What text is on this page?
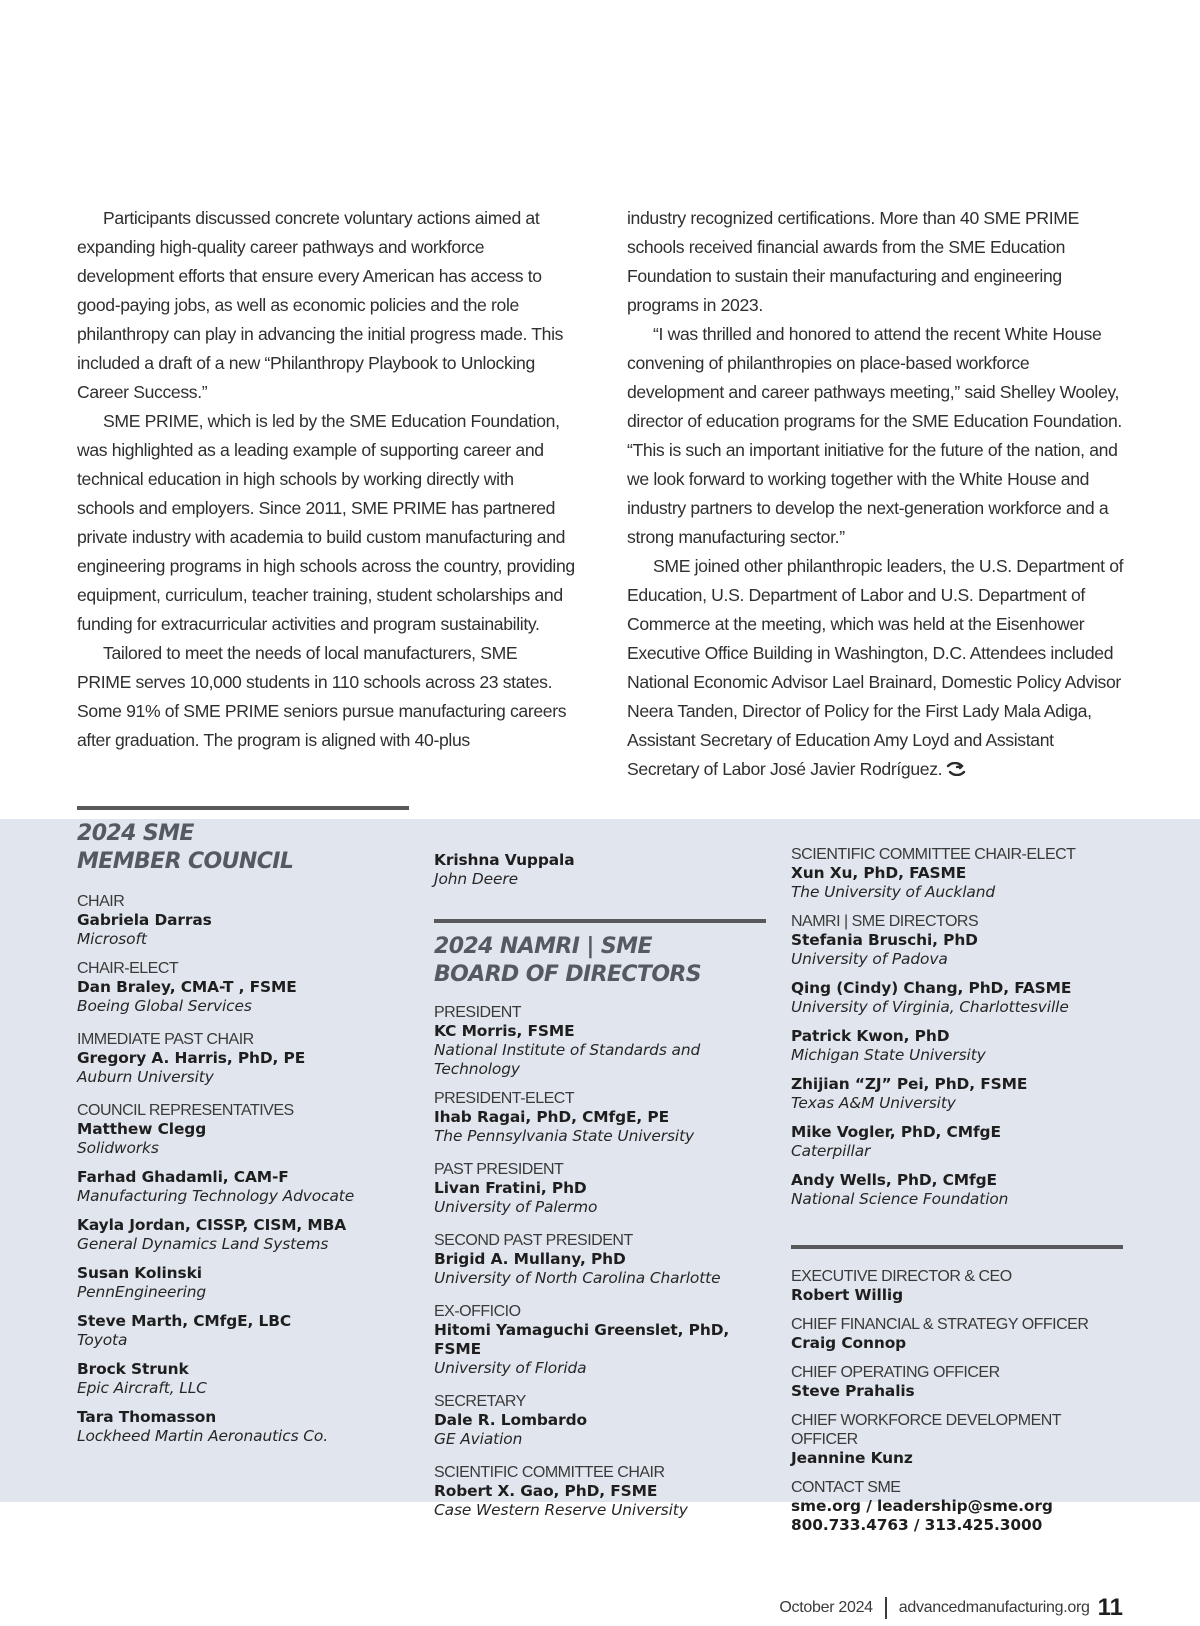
Participants discussed concrete voluntary actions aimed at expanding high-quality career pathways and workforce development efforts that ensure every American has access to good-paying jobs, as well as economic policies and the role philanthropy can play in advancing the initial progress made. This included a draft of a new “Philanthropy Playbook to Unlocking Career Success.”

SME PRIME, which is led by the SME Education Foundation, was highlighted as a leading example of supporting career and technical education in high schools by working directly with schools and employers. Since 2011, SME PRIME has partnered private industry with academia to build custom manufacturing and engineering programs in high schools across the country, providing equipment, curriculum, teacher training, student scholarships and funding for extracurricular activities and program sustainability.

Tailored to meet the needs of local manufacturers, SME PRIME serves 10,000 students in 110 schools across 23 states. Some 91% of SME PRIME seniors pursue manufacturing careers after graduation. The program is aligned with 40-plus

industry recognized certifications. More than 40 SME PRIME schools received financial awards from the SME Education Foundation to sustain their manufacturing and engineering programs in 2023.

“I was thrilled and honored to attend the recent White House convening of philanthropies on place-based workforce development and career pathways meeting,” said Shelley Wooley, director of education programs for the SME Education Foundation. “This is such an important initiative for the future of the nation, and we look forward to working together with the White House and industry partners to develop the next-generation workforce and a strong manufacturing sector.”

SME joined other philanthropic leaders, the U.S. Department of Education, U.S. Department of Labor and U.S. Department of Commerce at the meeting, which was held at the Eisenhower Executive Office Building in Washington, D.C. Attendees included National Economic Advisor Lael Brainard, Domestic Policy Advisor Neera Tanden, Director of Policy for the First Lady Mala Adiga, Assistant Secretary of Education Amy Loyd and Assistant Secretary of Labor José Javier Rodríguez.

2024 SME
MEMBER COUNCIL
CHAIR
Gabriela Darras
Microsoft
CHAIR-ELECT
Dan Braley, CMA-T , FSME
Boeing Global Services
IMMEDIATE PAST CHAIR
Gregory A. Harris, PhD, PE
Auburn University
COUNCIL REPRESENTATIVES
Matthew Clegg
Solidworks
Farhad Ghadamli, CAM-F
Manufacturing Technology Advocate
Kayla Jordan, CISSP, CISM, MBA
General Dynamics Land Systems
Susan Kolinski
PennEngineering
Steve Marth, CMfgE, LBC
Toyota
Brock Strunk
Epic Aircraft, LLC
Tara Thomasson
Lockheed Martin Aeronautics Co.
Krishna Vuppala
John Deere
2024 NAMRI | SME
BOARD OF DIRECTORS
PRESIDENT
KC Morris, FSME
National Institute of Standards and Technology
PRESIDENT-ELECT
Ihab Ragai, PhD, CMfgE, PE
The Pennsylvania State University
PAST PRESIDENT
Livan Fratini, PhD
University of Palermo
SECOND PAST PRESIDENT
Brigid A. Mullany, PhD
University of North Carolina Charlotte
EX-OFFICIO
Hitomi Yamaguchi Greenslet, PhD, FSME
University of Florida
SECRETARY
Dale R. Lombardo
GE Aviation
SCIENTIFIC COMMITTEE CHAIR
Robert X. Gao, PhD, FSME
Case Western Reserve University
SCIENTIFIC COMMITTEE CHAIR-ELECT
Xun Xu, PhD, FASME
The University of Auckland
NAMRI | SME DIRECTORS
Stefania Bruschi, PhD
University of Padova
Qing (Cindy) Chang, PhD, FASME
University of Virginia, Charlottesville
Patrick Kwon, PhD
Michigan State University
Zhijian “ZJ” Pei, PhD, FSME
Texas A&M University
Mike Vogler, PhD, CMfgE
Caterpillar
Andy Wells, PhD, CMfgE
National Science Foundation
EXECUTIVE DIRECTOR & CEO
Robert Willig
CHIEF FINANCIAL & STRATEGY OFFICER
Craig Connop
CHIEF OPERATING OFFICER
Steve Prahalis
CHIEF WORKFORCE DEVELOPMENT OFFICER
Jeannine Kunz
CONTACT SME
sme.org / leadership@sme.org
800.733.4763 / 313.425.3000
October 2024 advancedmanufacturing.org 11
